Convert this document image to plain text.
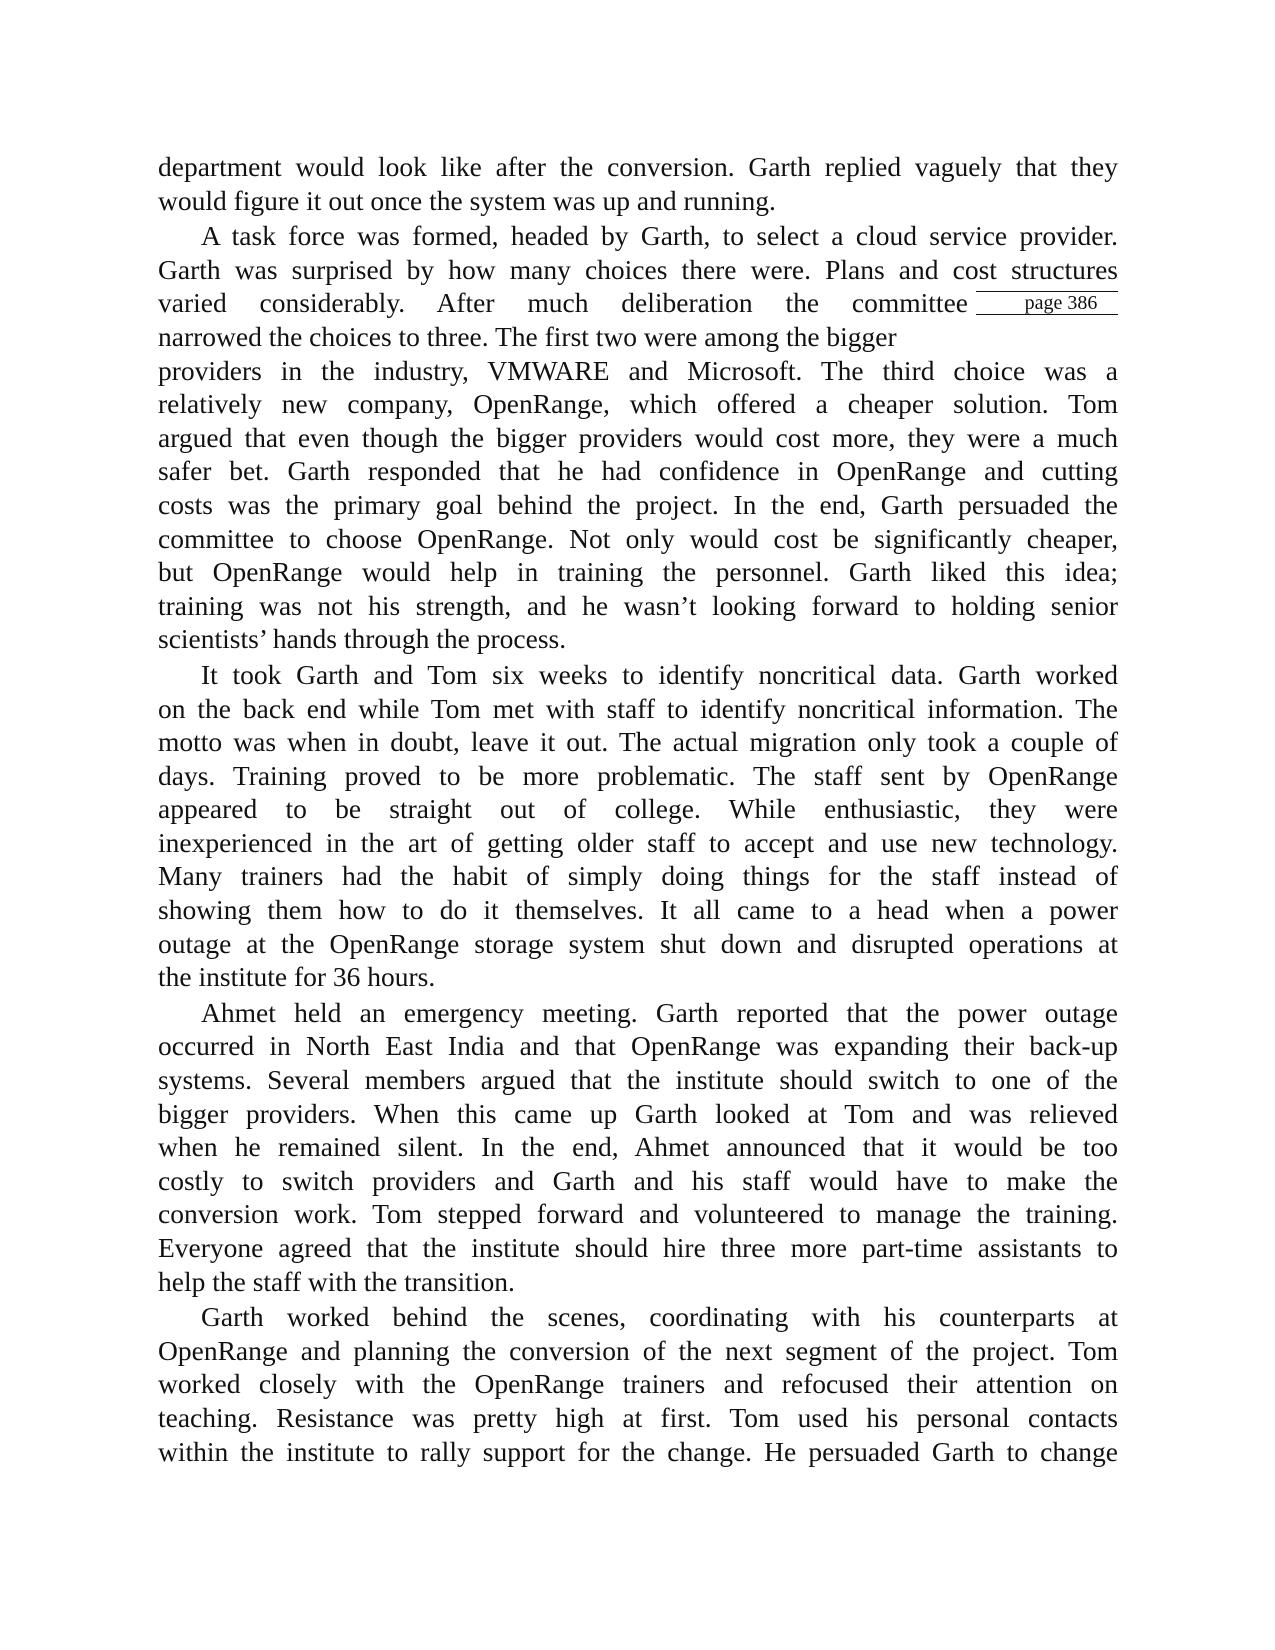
department would look like after the conversion. Garth replied vaguely that they
would figure it out once the system was up and running.
A task force was formed, headed by Garth, to select a cloud service provider.
Garth was surprised by how many choices there were. Plans and cost structures
varied considerably. After much deliberation the committee	page 386
narrowed the choices to three. The first two were among the bigger
providers in the industry, VMWARE and Microsoft. The third choice was a
relatively new company, OpenRange, which offered a cheaper solution. Tom
argued that even though the bigger providers would cost more, they were a much
safer bet. Garth responded that he had confidence in OpenRange and cutting
costs was the primary goal behind the project. In the end, Garth persuaded the
committee to choose OpenRange. Not only would cost be significantly cheaper,
but OpenRange would help in training the personnel. Garth liked this idea;
training was not his strength, and he wasn’t looking forward to holding senior
scientists’ hands through the process.
It took Garth and Tom six weeks to identify noncritical data. Garth worked
on the back end while Tom met with staff to identify noncritical information. The
motto was when in doubt, leave it out. The actual migration only took a couple of
days. Training proved to be more problematic. The staff sent by OpenRange
appeared to be straight out of college. While enthusiastic, they were
inexperienced in the art of getting older staff to accept and use new technology.
Many trainers had the habit of simply doing things for the staff instead of
showing them how to do it themselves. It all came to a head when a power
outage at the OpenRange storage system shut down and disrupted operations at
the institute for 36 hours.
Ahmet held an emergency meeting. Garth reported that the power outage
occurred in North East India and that OpenRange was expanding their back-up
systems. Several members argued that the institute should switch to one of the
bigger providers. When this came up Garth looked at Tom and was relieved
when he remained silent. In the end, Ahmet announced that it would be too
costly to switch providers and Garth and his staff would have to make the
conversion work. Tom stepped forward and volunteered to manage the training.
Everyone agreed that the institute should hire three more part-time assistants to
help the staff with the transition.
Garth worked behind the scenes, coordinating with his counterparts at
OpenRange and planning the conversion of the next segment of the project. Tom
worked closely with the OpenRange trainers and refocused their attention on
teaching. Resistance was pretty high at first. Tom used his personal contacts
within the institute to rally support for the change. He persuaded Garth to change
